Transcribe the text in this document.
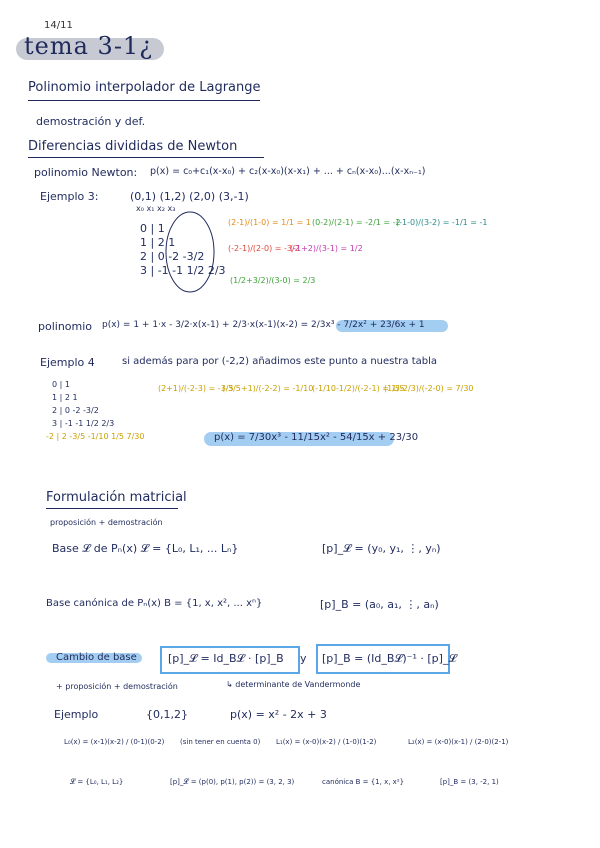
14/11
tema 3-1¿
Polinomio interpolador de Lagrange
demostración y def.
Diferencias divididas de Newton
polinomio Newton: p(x) = c₀+c₁(x-x₀) + c₂(x-x₀)(x-x₁) + ... + cₙ(x-x₀)...(x-xₙ₋₁)
Ejemplo 3:	(0,1) (1,2) (2,0) (3,-1)
x₀ x₁ x₂ x₃
0 | 1
1 | 2 1
2 | 0 -2 -3/2
3 | -1 -1 1/2 2/3
(2-1)/(1-0) = 1/1 = 1 (0-2)/(2-1) = -2/1 = -2
(-1-0)/(3-2) = -1/1 = -1
(-2-1)/(2-0) = -3/2
(-1+2)/(3-1) = 1/2
(1/2+3/2)/(3-0) = 2/3
polinomio p(x) = 1 + 1·x - 3/2·x(x-1) + 2/3·x(x-1)(x-2) = 2/3x³ - 7/2x² + 23/6x + 1
Ejemplo 4	si además para por (-2,2) añadimos este punto a nuestra tabla
0 | 1
1 | 2 1
2 | 0 -2 -3/2
3 | -1 -1 1/2 2/3
-2 | 2 -3/5 -1/10 1/5 7/30
(2+1)/(-2-3) = -3/5
(-3/5+1)/(-2-2) = -1/10
(-1/10-1/2)/(-2-1) = 1/5
(1/5-2/3)/(-2-0) = 7/30
p(x) = 7/30x³ - 11/15x² - 54/15x + 23/30
Formulación matricial
proposición + demostración
Base 𝓛 de Pₙ(x) 𝓛 = {L₀, L₁, ... Lₙ}	[p]_𝓛 = (y₀, y₁, ⋮, yₙ)
Base canónica de Pₙ(x) B = {1, x, x², ... xⁿ}	[p]_B = (a₀, a₁, ⋮, aₙ)
Cambio de base	[p]_𝓛 = Id_B𝓛 · [p]_B y [p]_B = (Id_B𝓛)⁻¹ · [p]_𝓛
+ proposición + demostración	↳ determinante de Vandermonde
Ejemplo	{0,1,2}	p(x) = x² - 2x + 3
L₀(x) = (x-1)(x-2) / (0-1)(0-2) (sin tener en cuenta 0) L₁(x) = (x-0)(x-2) / (1-0)(1-2)	L₂(x) = (x-0)(x-1) / (2-0)(2-1)
𝓛 = {L₀, L₁, L₂}	[p]_𝓛 = (p(0), p(1), p(2)) = (3, 2, 3)	canónica B = {1, x, x²}	[p]_B = (3, -2, 1)
